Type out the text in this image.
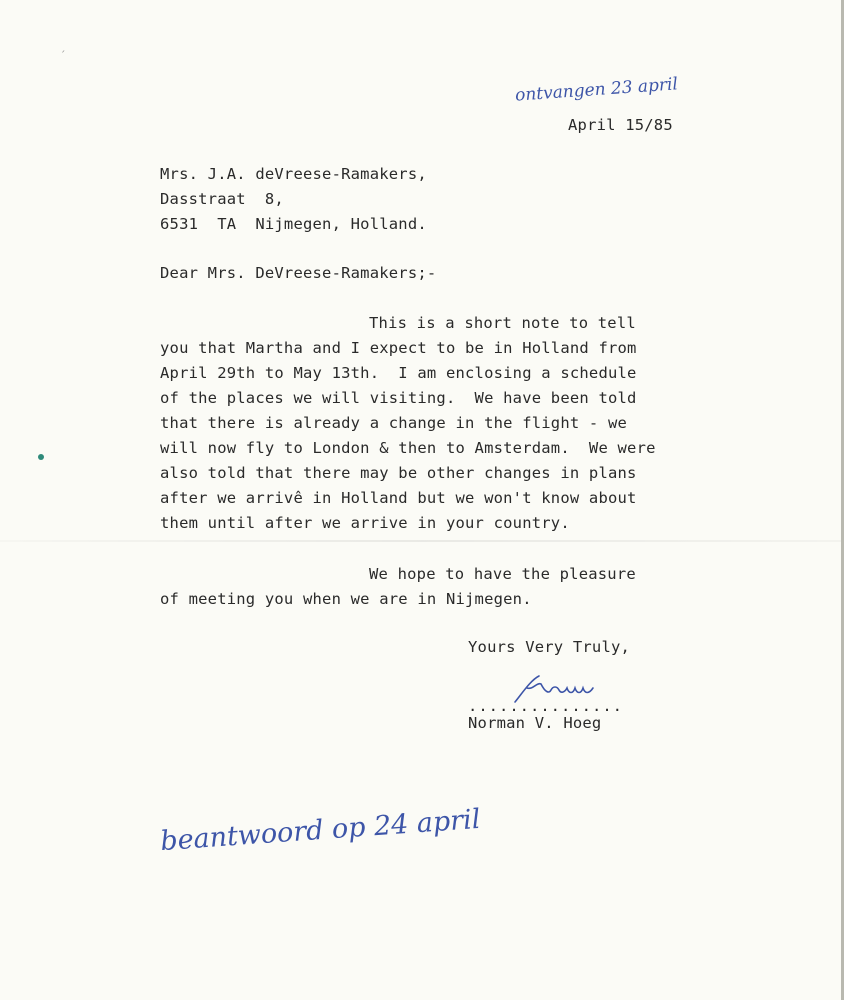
ˏ
ontvangen 23 april
April 15/85
Mrs. J.A. deVreese-Ramakers,
Dasstraat  8,
6531  TA  Nijmegen, Holland.
Dear Mrs. DeVreese-Ramakers;-
This is a short note to tell
you that Martha and I expect to be in Holland from
April 29th to May 13th.  I am enclosing a schedule
of the places we will visiting.  We have been told
that there is already a change in the flight - we
will now fly to London & then to Amsterdam.  We were
also told that there may be other changes in plans
after we arrivê in Holland but we won't know about
them until after we arrive in your country.
We hope to have the pleasure
of meeting you when we are in Nijmegen.
Yours Very Truly,
...............
Norman V. Hoeg
beantwoord op 24 april
